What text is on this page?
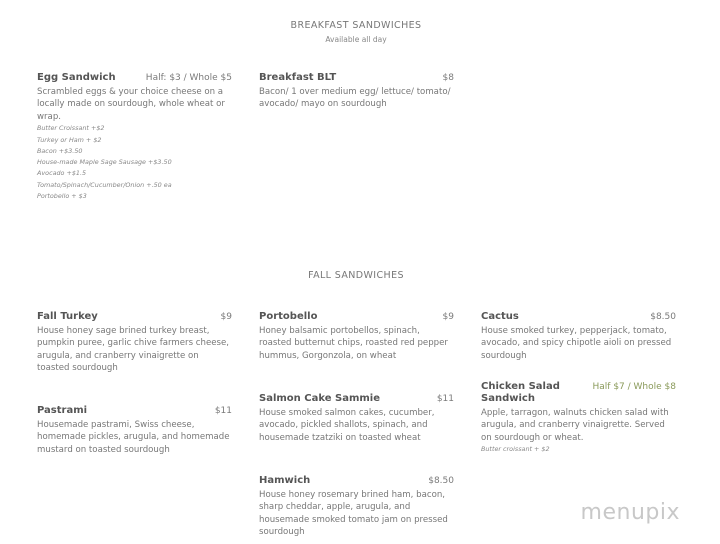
BREAKFAST SANDWICHES
Available all day
Egg Sandwich	Half: $3 / Whole $5
Scrambled eggs & your choice cheese on a locally made on sourdough, whole wheat or wrap.
Butter Croissant +$2
Turkey or Ham + $2
Bacon +$3.50
House-made Maple Sage Sausage +$3.50
Avocado +$1.5
Tomato/Spinach/Cucumber/Onion +.50 ea
Portobello + $3
Breakfast BLT	$8
Bacon/ 1 over medium egg/ lettuce/ tomato/ avocado/ mayo on sourdough
FALL SANDWICHES
Fall Turkey	$9
House honey sage brined turkey breast, pumpkin puree, garlic chive farmers cheese, arugula, and cranberry vinaigrette on toasted sourdough
Pastrami	$11
Housemade pastrami, Swiss cheese, homemade pickles, arugula, and homemade mustard on toasted sourdough
Portobello	$9
Honey balsamic portobellos, spinach, roasted butternut chips, roasted red pepper hummus, Gorgonzola, on wheat
Salmon Cake Sammie	$11
House smoked salmon cakes, cucumber, avocado, pickled shallots, spinach, and housemade tzatziki on toasted wheat
Hamwich	$8.50
House honey rosemary brined ham, bacon, sharp cheddar, apple, arugula, and housemade smoked tomato jam on pressed sourdough
Cactus	$8.50
House smoked turkey, pepperjack, tomato, avocado, and spicy chipotle aioli on pressed sourdough
Chicken Salad Sandwich
Half $7 / Whole $8
Apple, tarragon, walnuts chicken salad with arugula, and cranberry vinaigrette. Served on sourdough or wheat.
Butter croissant + $2
menupix
